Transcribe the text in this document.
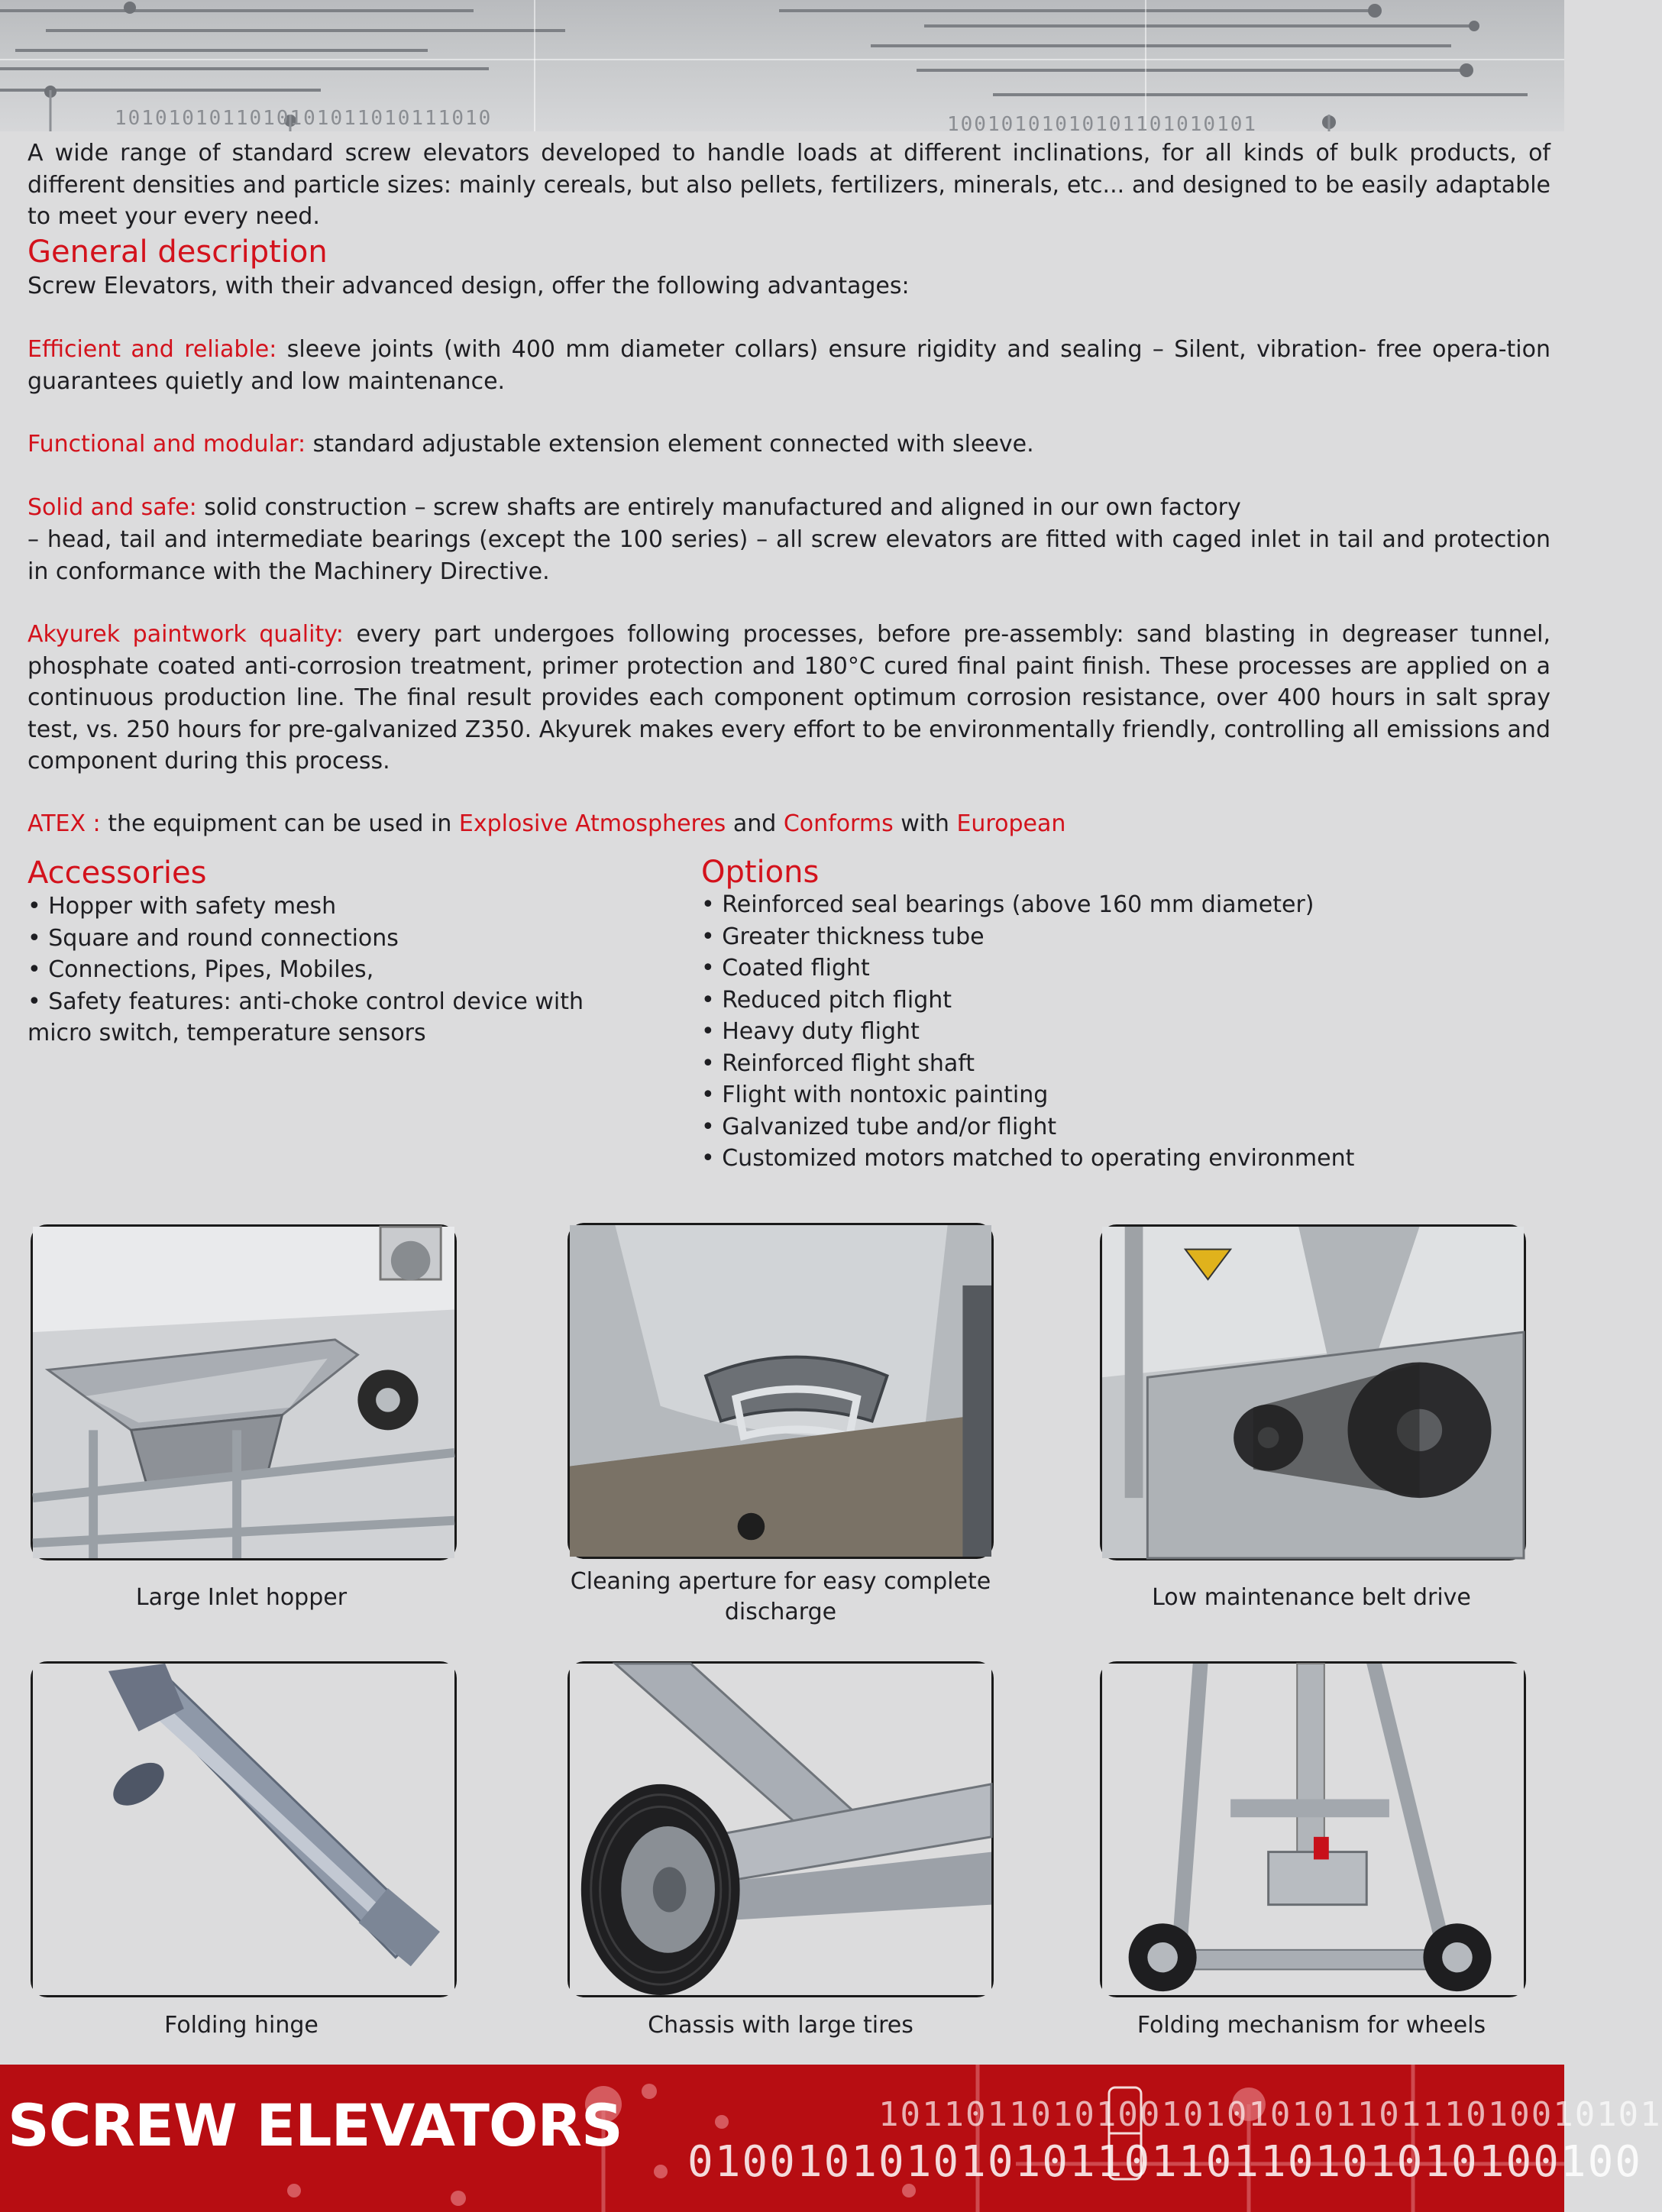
1010101011010101011010111010	10010101010101101010101

A wide range of standard screw elevators developed to handle loads at different inclinations, for all kinds of bulk products, of different densities and particle sizes: mainly cereals, but also pellets, fertilizers, minerals, etc... and designed to be easily adaptable to meet your every need.

General description

Screw Elevators, with their advanced design, offer the following advantages:

Efficient and reliable: sleeve joints (with 400 mm diameter collars) ensure rigidity and sealing – Silent, vibration- free opera-tion guarantees quietly and low maintenance.

Functional and modular: standard adjustable extension element connected with sleeve.

Solid and safe: solid construction – screw shafts are entirely manufactured and aligned in our own factory

– head, tail and intermediate bearings (except the 100 series) – all screw elevators are fitted with caged inlet in tail and protection in conformance with the Machinery Directive.

Akyurek paintwork quality: every part undergoes following processes, before pre-assembly: sand blasting in degreaser tunnel, phosphate coated anti-corrosion treatment, primer protection and 180°C cured final paint finish. These processes are applied on a continuous production line. The final result provides each component optimum corrosion resistance, over 400 hours in salt spray test, vs. 250 hours for pre-galvanized Z350. Akyurek makes every effort to be environmentally friendly, controlling all emissions and component during this process.

ATEX : the equipment can be used in Explosive Atmospheres and Conforms with European

Accessories
• Hopper with safety mesh
• Square and round connections
• Connections, Pipes, Mobiles,
• Safety features: anti-choke control device with micro switch, temperature sensors
Options
• Reinforced seal bearings (above 160 mm diameter)
• Greater thickness tube
• Coated flight
• Reduced pitch flight
• Heavy duty flight
• Reinforced flight shaft
• Flight with nontoxic painting
• Galvanized tube and/or flight
• Customized motors matched to operating environment

Large Inlet hopper

Cleaning aperture for easy complete discharge

Low maintenance belt drive

Folding hinge	Chassis with large tires	Folding mechanism for wheels

101101101010010101010110111010010101

01001010101010110110110101010100100

SCREW ELEVATORS
